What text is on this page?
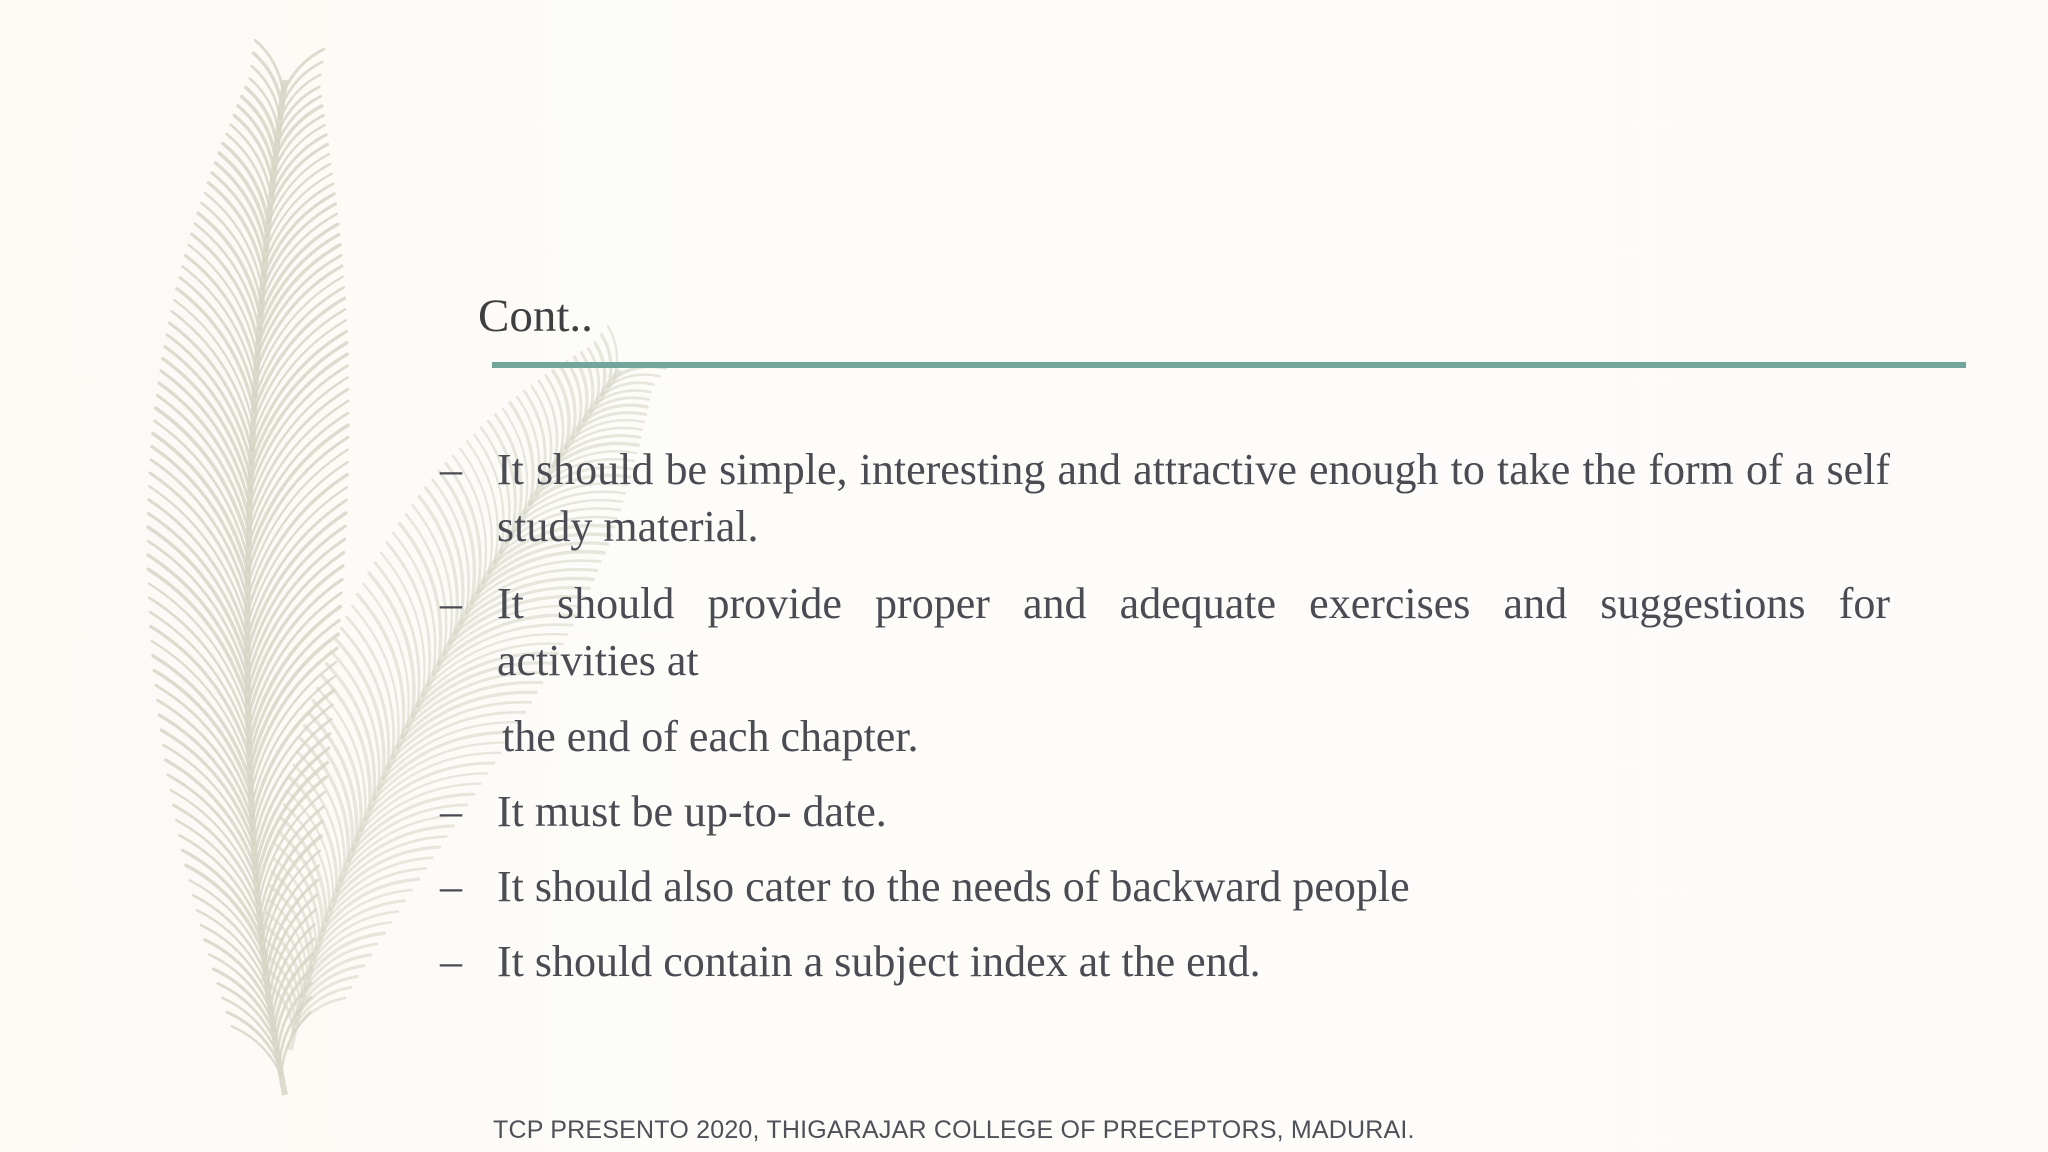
Cont..
– It should be simple, interesting and attractive enough to take the form of a self study material.
– It should provide proper and adequate exercises and suggestions for
activities at
– It must be up-to- date.
– It should also cater to the needs of backward people
– It should contain a subject index at the end.
the end of each chapter.
TCP PRESENTO 2020, THIGARAJAR COLLEGE OF PRECEPTORS, MADURAI.
